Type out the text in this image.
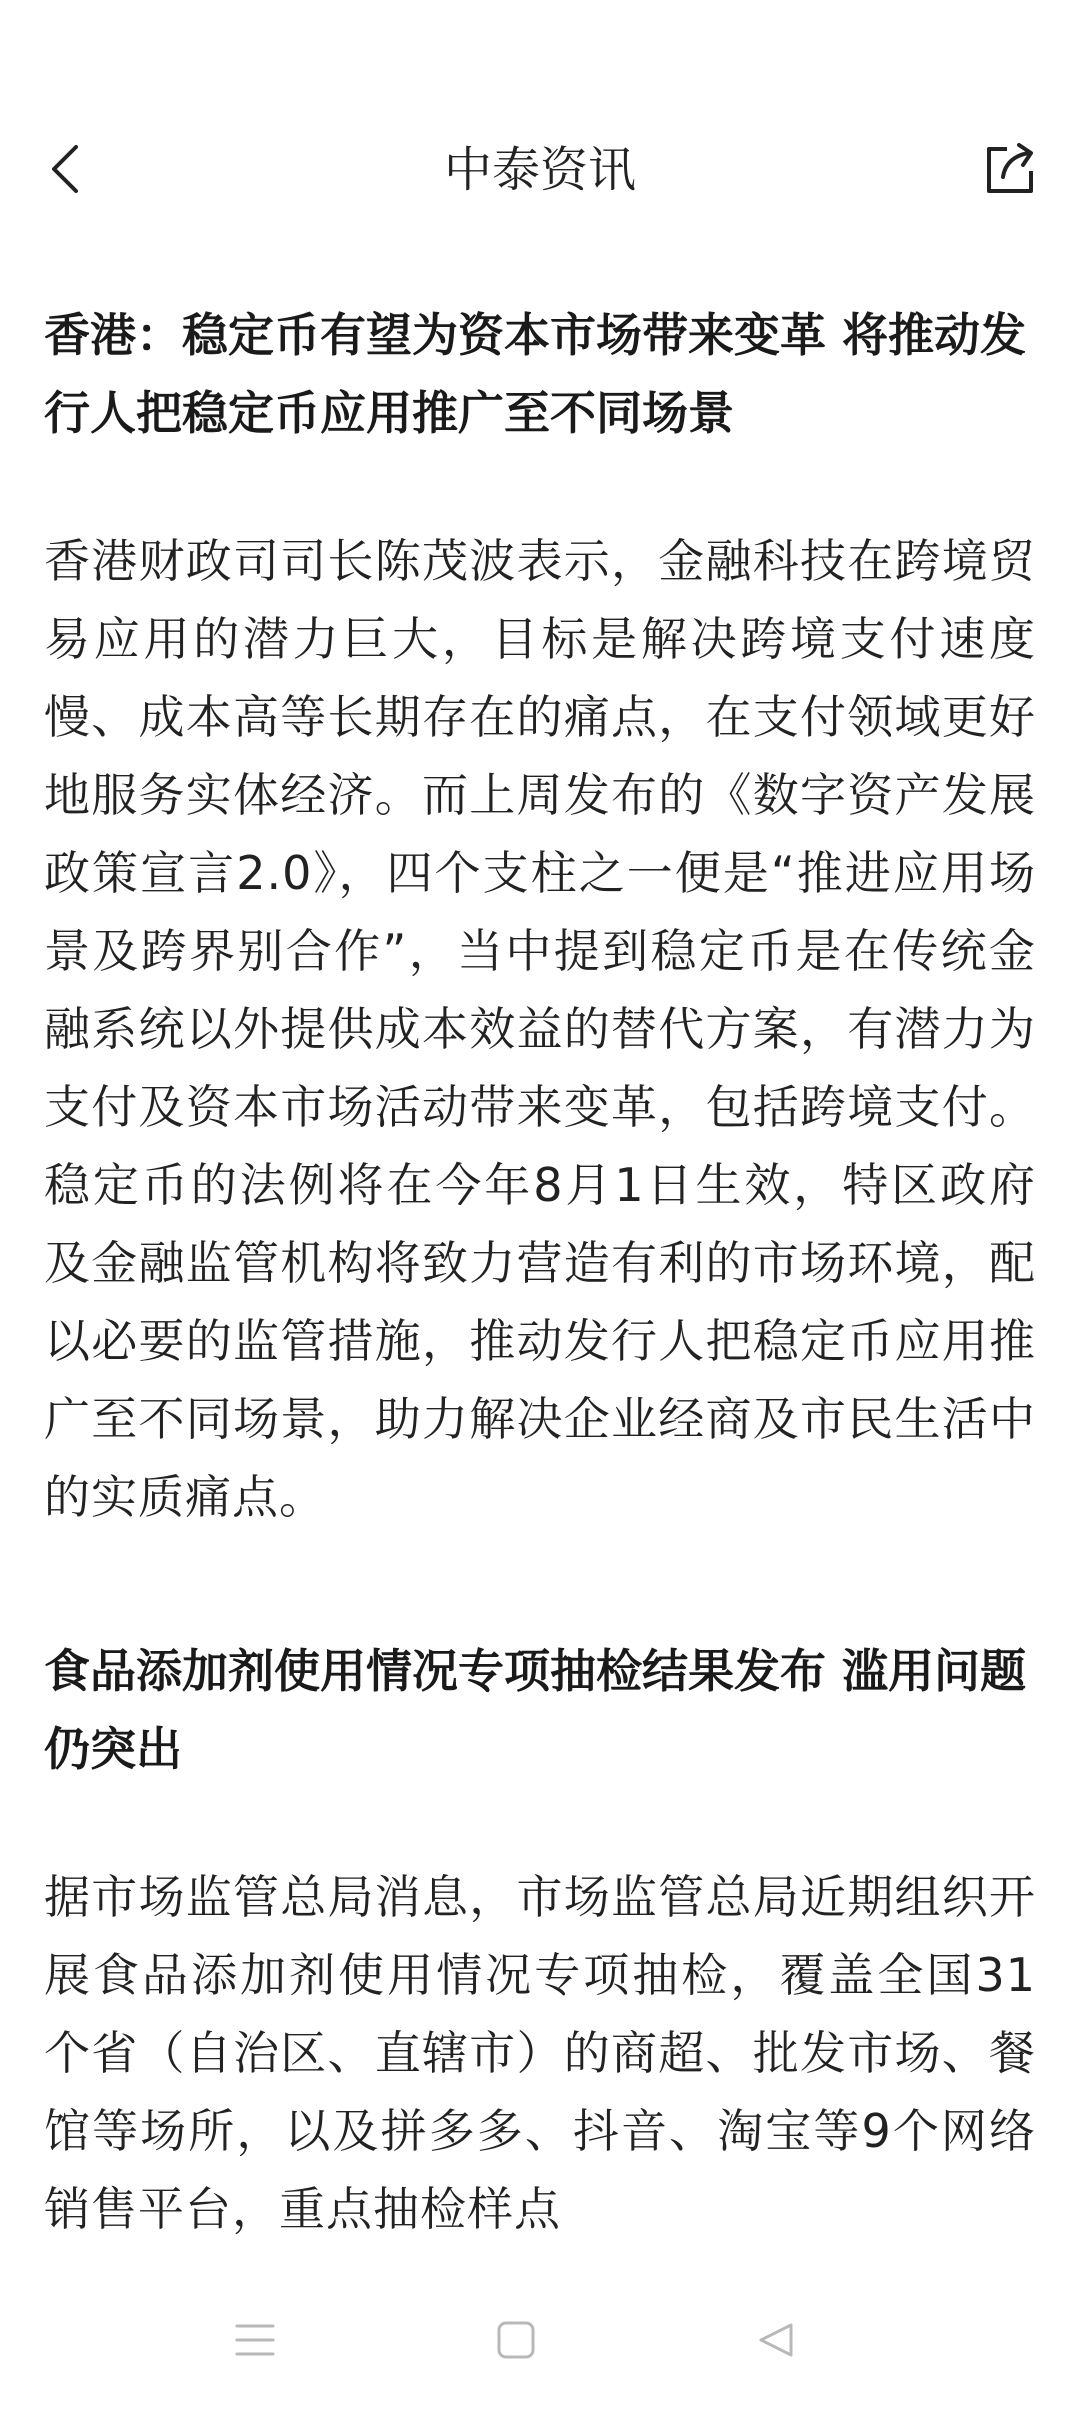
中泰资讯
香港：稳定币有望为资本市场带来变革 将推动发行人把稳定币应用推广至不同场景
香港财政司司长陈茂波表示，金融科技在跨境贸易应用的潜力巨大，目标是解决跨境支付速度慢、成本高等长期存在的痛点，在支付领域更好地服务实体经济。而上周发布的《数字资产发展政策宣言2.0》，四个支柱之一便是“推进应用场景及跨界别合作”，当中提到稳定币是在传统金融系统以外提供成本效益的替代方案，有潜力为支付及资本市场活动带来变革，包括跨境支付。稳定币的法例将在今年8月1日生效，特区政府及金融监管机构将致力营造有利的市场环境，配以必要的监管措施，推动发行人把稳定币应用推广至不同场景，助力解决企业经商及市民生活中的实质痛点。
食品添加剂使用情况专项抽检结果发布 滥用问题仍突出
据市场监管总局消息，市场监管总局近期组织开展食品添加剂使用情况专项抽检，覆盖全国31个省（自治区、直辖市）的商超、批发市场、餐馆等场所，以及拼多多、抖音、淘宝等9个网络销售平台，重点抽检样点
